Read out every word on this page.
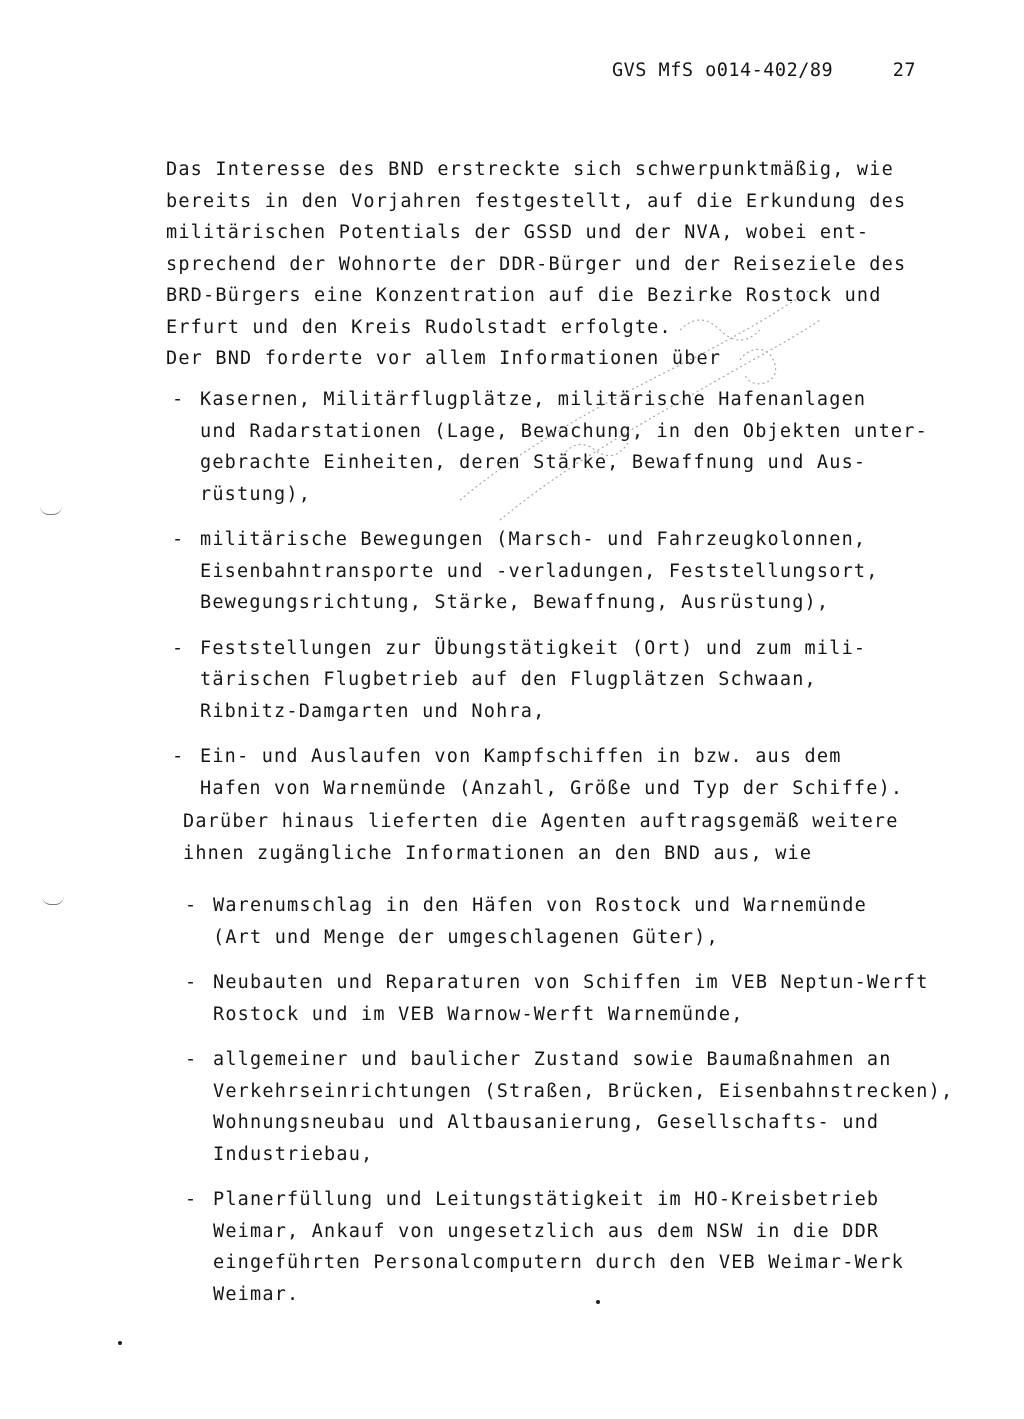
GVS MfS o014-402/89	27
Das Interesse des BND erstreckte sich schwerpunktmäßig, wie
bereits in den Vorjahren festgestellt, auf die Erkundung des
militärischen Potentials der GSSD und der NVA, wobei ent-
sprechend der Wohnorte der DDR-Bürger und der Reiseziele des
BRD-Bürgers eine Konzentration auf die Bezirke Rostock und
Erfurt und den Kreis Rudolstadt erfolgte.
Der BND forderte vor allem Informationen über
- Kasernen, Militärflugplätze, militärische Hafenanlagen
und Radarstationen (Lage, Bewachung, in den Objekten unter-
gebrachte Einheiten, deren Stärke, Bewaffnung und Aus-
rüstung),
- militärische Bewegungen (Marsch- und Fahrzeugkolonnen,
Eisenbahntransporte und -verladungen, Feststellungsort,
Bewegungsrichtung, Stärke, Bewaffnung, Ausrüstung),
- Feststellungen zur Übungstätigkeit (Ort) und zum mili-
tärischen Flugbetrieb auf den Flugplätzen Schwaan,
Ribnitz-Damgarten und Nohra,
- Ein- und Auslaufen von Kampfschiffen in bzw. aus dem
Hafen von Warnemünde (Anzahl, Größe und Typ der Schiffe).
Darüber hinaus lieferten die Agenten auftragsgemäß weitere
ihnen zugängliche Informationen an den BND aus, wie
- Warenumschlag in den Häfen von Rostock und Warnemünde
(Art und Menge der umgeschlagenen Güter),
- Neubauten und Reparaturen von Schiffen im VEB Neptun-Werft
Rostock und im VEB Warnow-Werft Warnemünde,
- allgemeiner und baulicher Zustand sowie Baumaßnahmen an
Verkehrseinrichtungen (Straßen, Brücken, Eisenbahnstrecken),
Wohnungsneubau und Altbausanierung, Gesellschafts- und
Industriebau,
- Planerfüllung und Leitungstätigkeit im HO-Kreisbetrieb
Weimar, Ankauf von ungesetzlich aus dem NSW in die DDR
eingeführten Personalcomputern durch den VEB Weimar-Werk
Weimar.
